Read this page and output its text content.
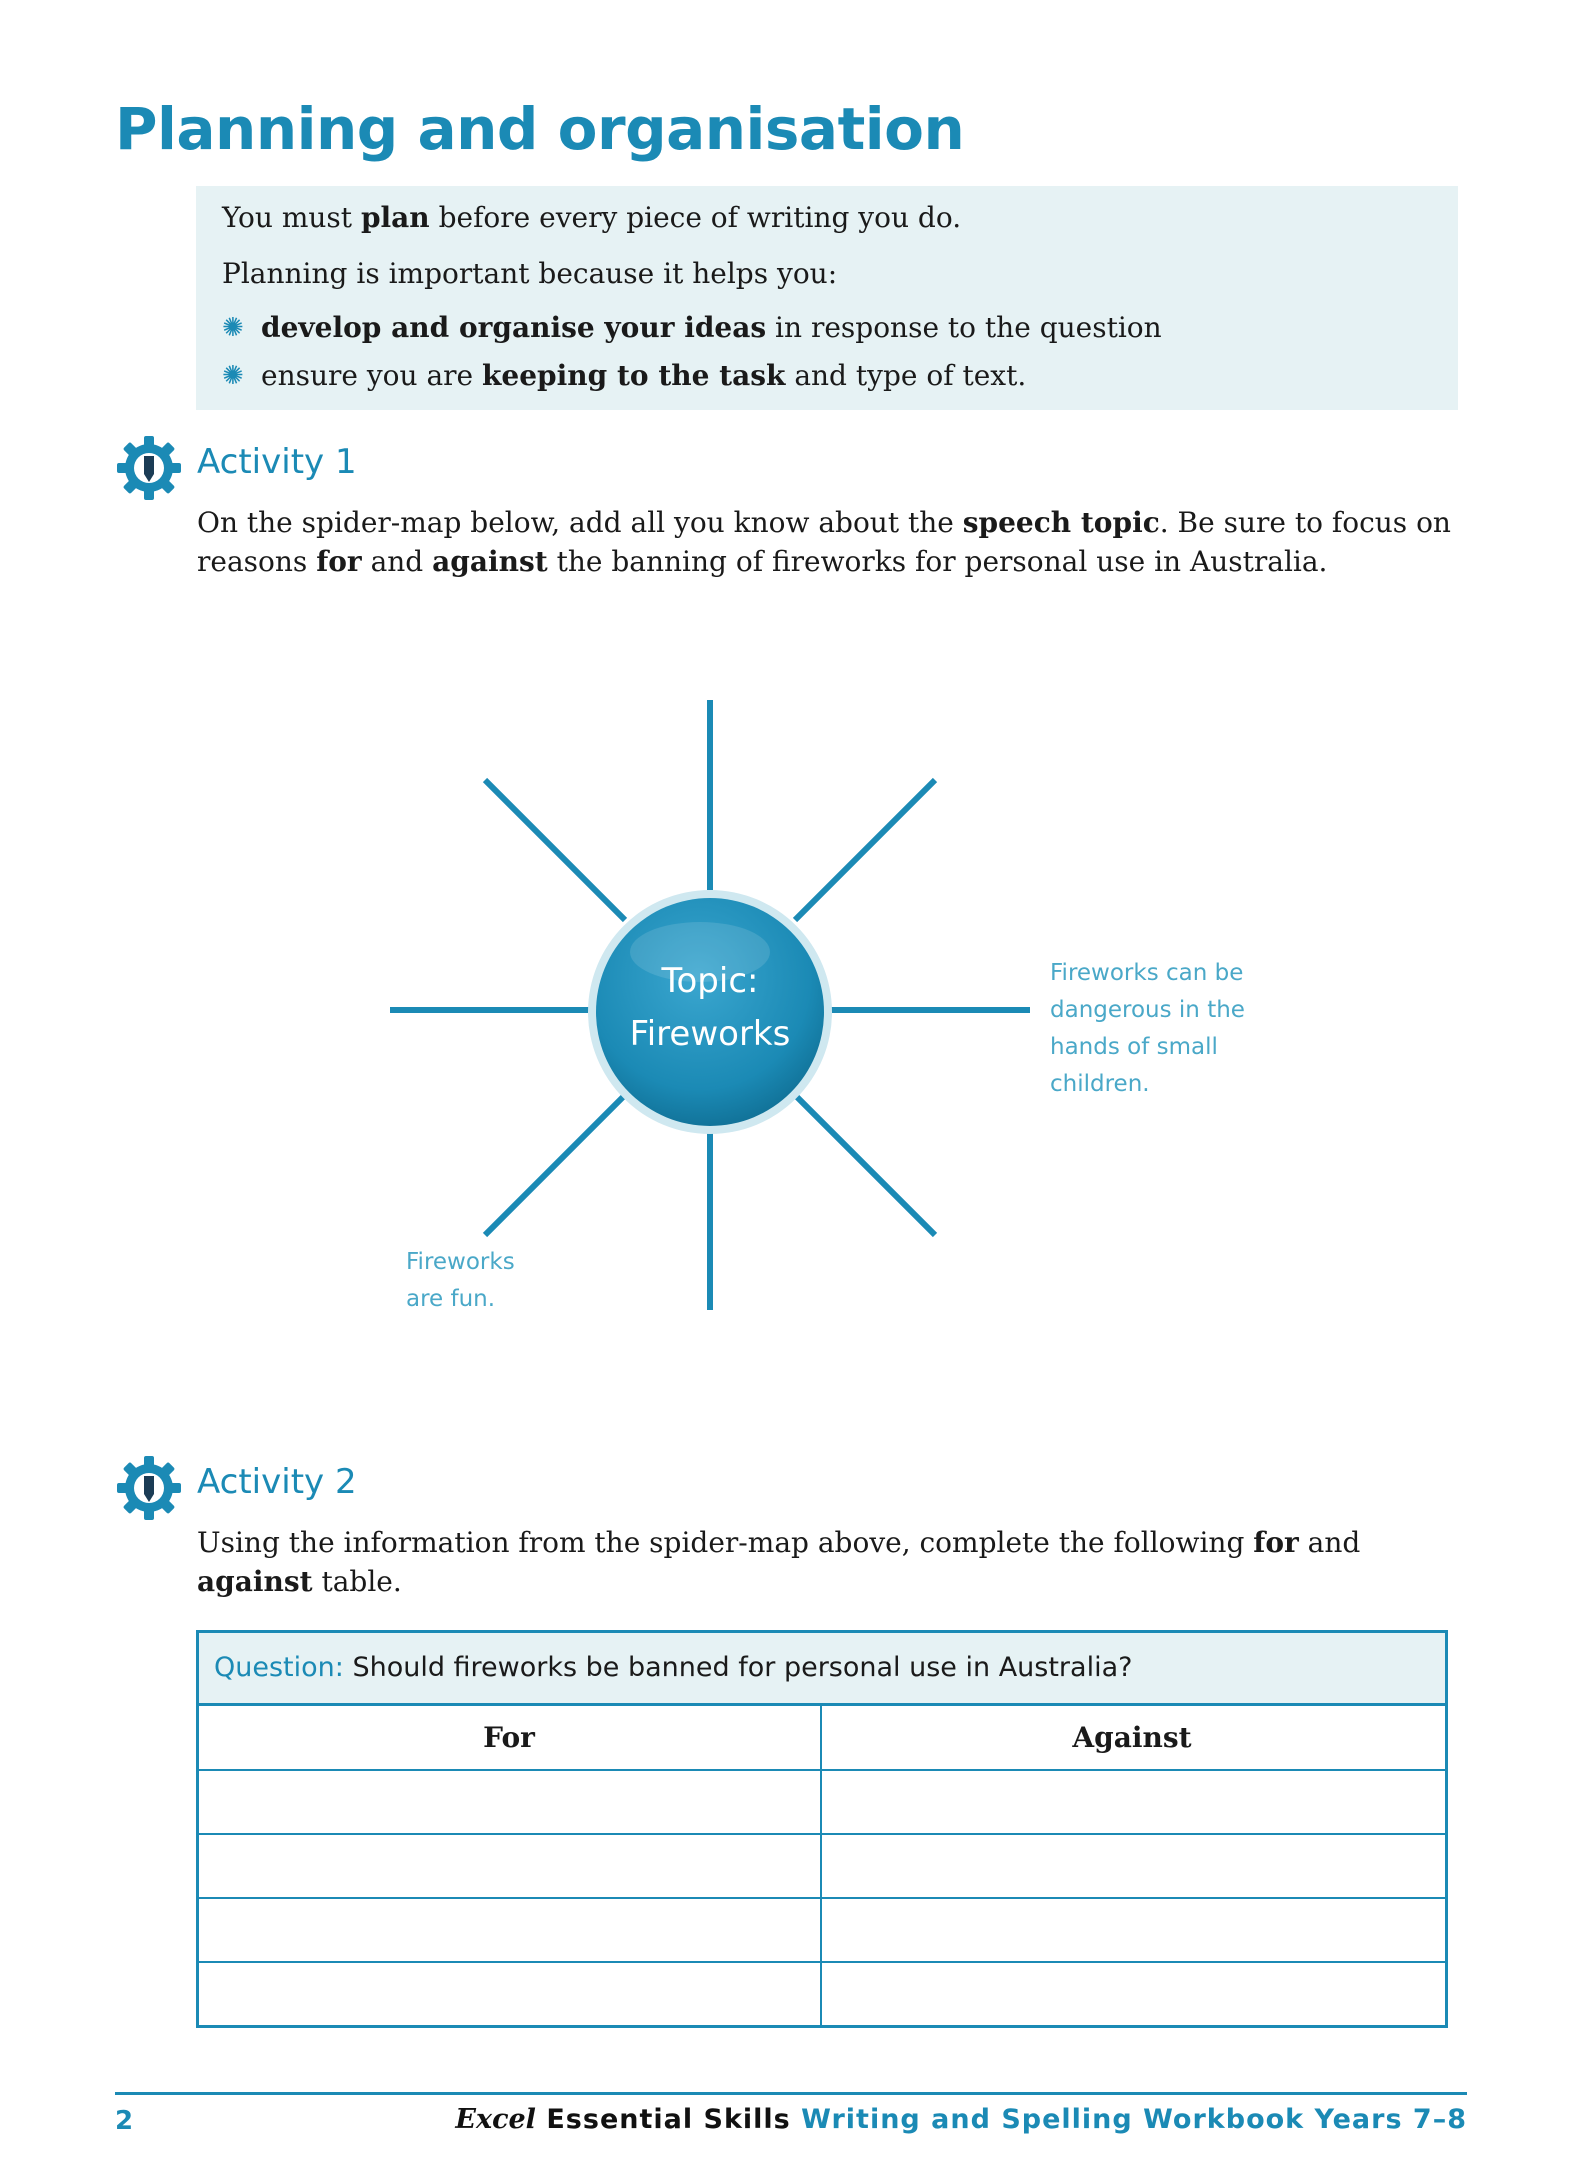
Planning and organisation

You must plan before every piece of writing you do.

Planning is important because it helps you:

✺ develop and organise your ideas in response to the question
✺ ensure you are keeping to the task and type of text.
Activity 1
On the spider-map below, add all you know about the speech topic. Be sure to focus on
reasons for and against the banning of fireworks for personal use in Australia.
Topic:
Fireworks
Fireworks can be
dangerous in the
hands of small
children.
Fireworks
are fun.
Activity 2
Using the information from the spider-map above, complete the following for and
against table.
Question: Should fireworks be banned for personal use in Australia?
For	Against
2	Excel Essential Skills Writing and Spelling Workbook Years 7–8
